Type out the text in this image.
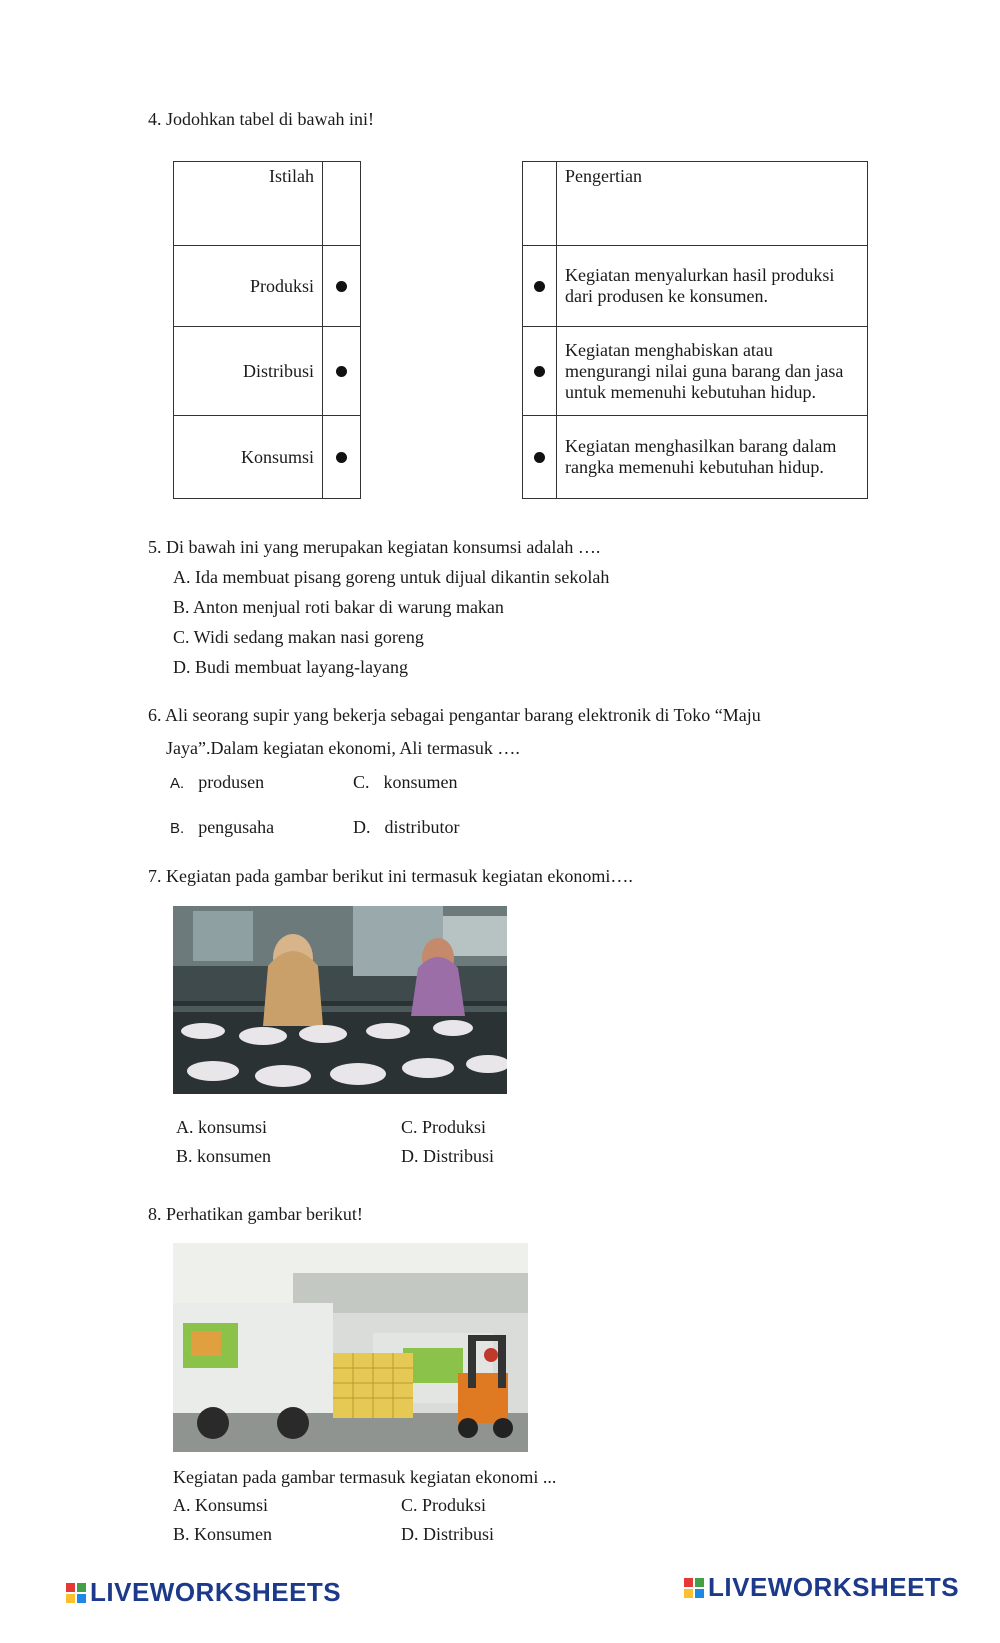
4. Jodohkan tabel di bawah ini!
Istilah	
Produksi	
Distribusi	
Konsumsi	
	Pengertian
	Kegiatan menyalurkan hasil produksi dari produsen ke konsumen.
	Kegiatan menghabiskan atau mengurangi nilai guna barang dan jasa untuk memenuhi kebutuhan hidup.
	Kegiatan menghasilkan barang dalam rangka memenuhi kebutuhan hidup.
5. Di bawah ini yang merupakan kegiatan konsumsi adalah ….
A. Ida membuat pisang goreng untuk dijual dikantin sekolah
B. Anton menjual roti bakar di warung makan
C. Widi sedang makan nasi goreng
D. Budi membuat layang-layang
6. Ali seorang supir yang bekerja sebagai pengantar barang elektronik di Toko “Maju
Jaya”.Dalam kegiatan ekonomi, Ali termasuk ….
A. produsen	C. konsumen
B. pengusaha	D. distributor
7. Kegiatan pada gambar berikut ini termasuk kegiatan ekonomi….
A. konsumsi	C. Produksi
B. konsumen	D. Distribusi
8. Perhatikan gambar berikut!
Kegiatan pada gambar termasuk kegiatan ekonomi ...
A. Konsumsi	C. Produksi
B. Konsumen	D. Distribusi
LIVEWORKSHEETS	LIVEWORKSHEETS
